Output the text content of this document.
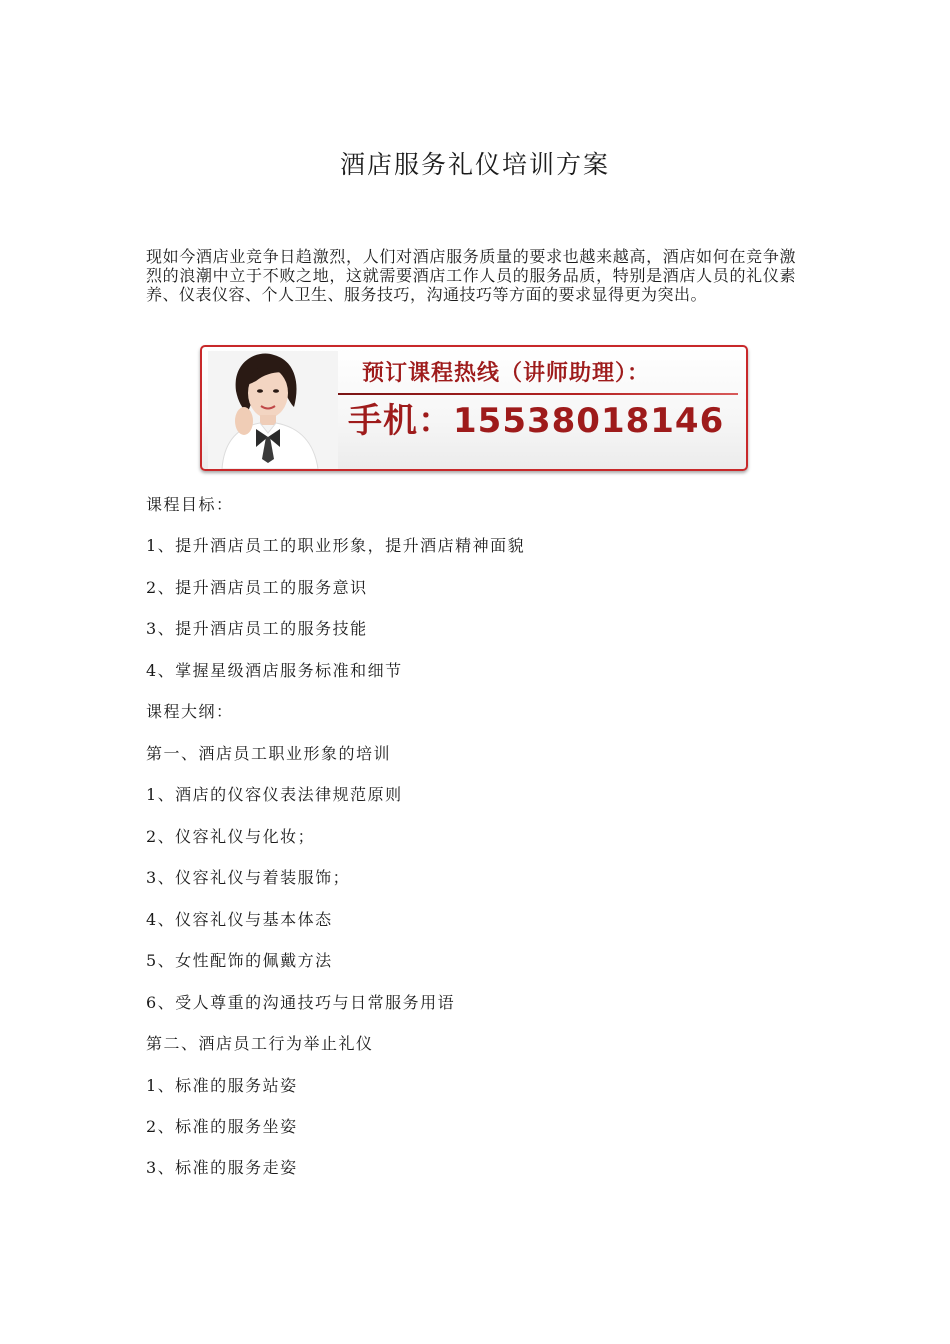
酒店服务礼仪培训方案
现如今酒店业竞争日趋激烈，人们对酒店服务质量的要求也越来越高，酒店如何在竞争激烈的浪潮中立于不败之地，这就需要酒店工作人员的服务品质，特别是酒店人员的礼仪素养、仪表仪容、个人卫生、服务技巧，沟通技巧等方面的要求显得更为突出。
预订课程热线（讲师助理）：
手机：15538018146
课程目标：
1、提升酒店员工的职业形象，提升酒店精神面貌
2、提升酒店员工的服务意识
3、提升酒店员工的服务技能
4、掌握星级酒店服务标准和细节
课程大纲：
第一、酒店员工职业形象的培训
1、酒店的仪容仪表法律规范原则
2、仪容礼仪与化妆；
3、仪容礼仪与着装服饰；
4、仪容礼仪与基本体态
5、女性配饰的佩戴方法
6、受人尊重的沟通技巧与日常服务用语
第二、酒店员工行为举止礼仪
1、标准的服务站姿
2、标准的服务坐姿
3、标准的服务走姿
